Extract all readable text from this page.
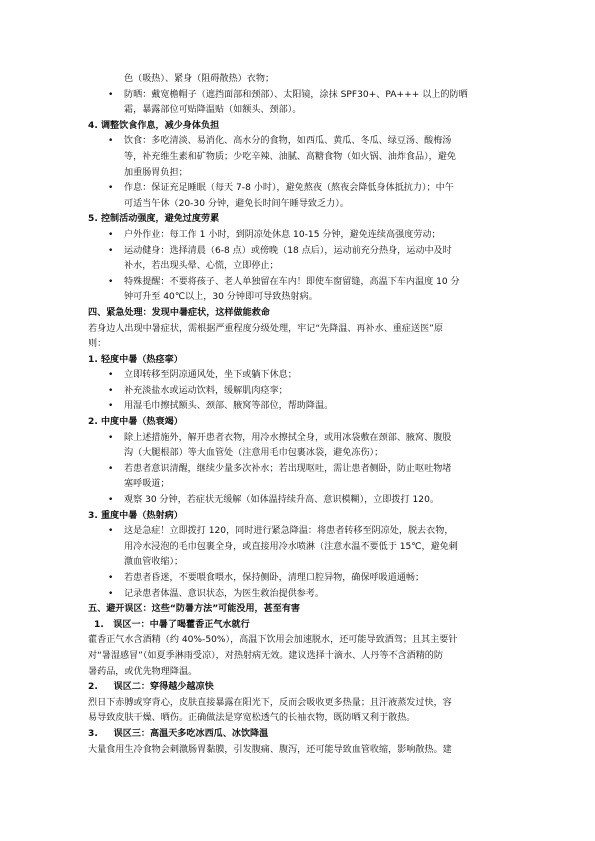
色（吸热）、紧身（阻碍散热）衣物；
• 防晒：戴宽檐帽子（遮挡面部和颈部）、太阳镜，涂抹 SPF30+、PA+++ 以上的防晒
霜，暴露部位可贴降温贴（如额头、颈部）。
4. 调整饮食作息，减少身体负担
• 饮食：多吃清淡、易消化、高水分的食物，如西瓜、黄瓜、冬瓜、绿豆汤、酸梅汤
等，补充维生素和矿物质；少吃辛辣、油腻、高糖食物（如火锅、油炸食品），避免
加重肠胃负担；
• 作息：保证充足睡眠（每天 7-8 小时），避免熬夜（熬夜会降低身体抵抗力）；中午
可适当午休（20-30 分钟，避免长时间午睡导致乏力）。
5. 控制活动强度，避免过度劳累
• 户外作业：每工作 1 小时，到阴凉处休息 10-15 分钟，避免连续高强度劳动；
• 运动健身：选择清晨（6-8 点）或傍晚（18 点后），运动前充分热身，运动中及时
补水，若出现头晕、心慌，立即停止；
• 特殊提醒：不要将孩子、老人单独留在车内！即使车窗留缝，高温下车内温度 10 分
钟可升至 40℃以上，30 分钟即可导致热射病。
四、紧急处理：发现中暑症状，这样做能救命
若身边人出现中暑症状，需根据严重程度分级处理，牢记“先降温、再补水、重症送医”原
则：
1. 轻度中暑（热痉挛）
• 立即转移至阴凉通风处，坐下或躺下休息；
• 补充淡盐水或运动饮料，缓解肌肉痉挛；
• 用湿毛巾擦拭额头、颈部、腋窝等部位，帮助降温。
2. 中度中暑（热衰竭）
• 除上述措施外，解开患者衣物，用冷水擦拭全身，或用冰袋敷在颈部、腋窝、腹股
沟（大腿根部）等大血管处（注意用毛巾包裹冰袋，避免冻伤）；
• 若患者意识清醒，继续少量多次补水；若出现呕吐，需让患者侧卧，防止呕吐物堵
塞呼吸道；
• 观察 30 分钟，若症状无缓解（如体温持续升高、意识模糊），立即拨打 120。
3. 重度中暑（热射病）
• 这是急症！立即拨打 120，同时进行紧急降温：将患者转移至阴凉处，脱去衣物，
用冷水浸泡的毛巾包裹全身，或直接用冷水喷淋（注意水温不要低于 15℃，避免刺
激血管收缩）；
• 若患者昏迷，不要喂食喂水，保持侧卧，清理口腔异物，确保呼吸道通畅；
• 记录患者体温、意识状态，为医生救治提供参考。
五、避开误区：这些“防暑方法”可能没用，甚至有害
1. 误区一：中暑了喝藿香正气水就行
藿香正气水含酒精（约 40%-50%），高温下饮用会加速脱水，还可能导致酒驾；且其主要针
对“暑湿感冒”（如夏季淋雨受凉），对热射病无效。建议选择十滴水、人丹等不含酒精的防
暑药品，或优先物理降温。
2. 误区二：穿得越少越凉快
烈日下赤膊或穿背心，皮肤直接暴露在阳光下，反而会吸收更多热量；且汗液蒸发过快，容
易导致皮肤干燥、晒伤。正确做法是穿宽松透气的长袖衣物，既防晒又利于散热。
3. 误区三：高温天多吃冰西瓜、冰饮降温
大量食用生冷食物会刺激肠胃黏膜，引发腹痛、腹泻，还可能导致血管收缩，影响散热。建
